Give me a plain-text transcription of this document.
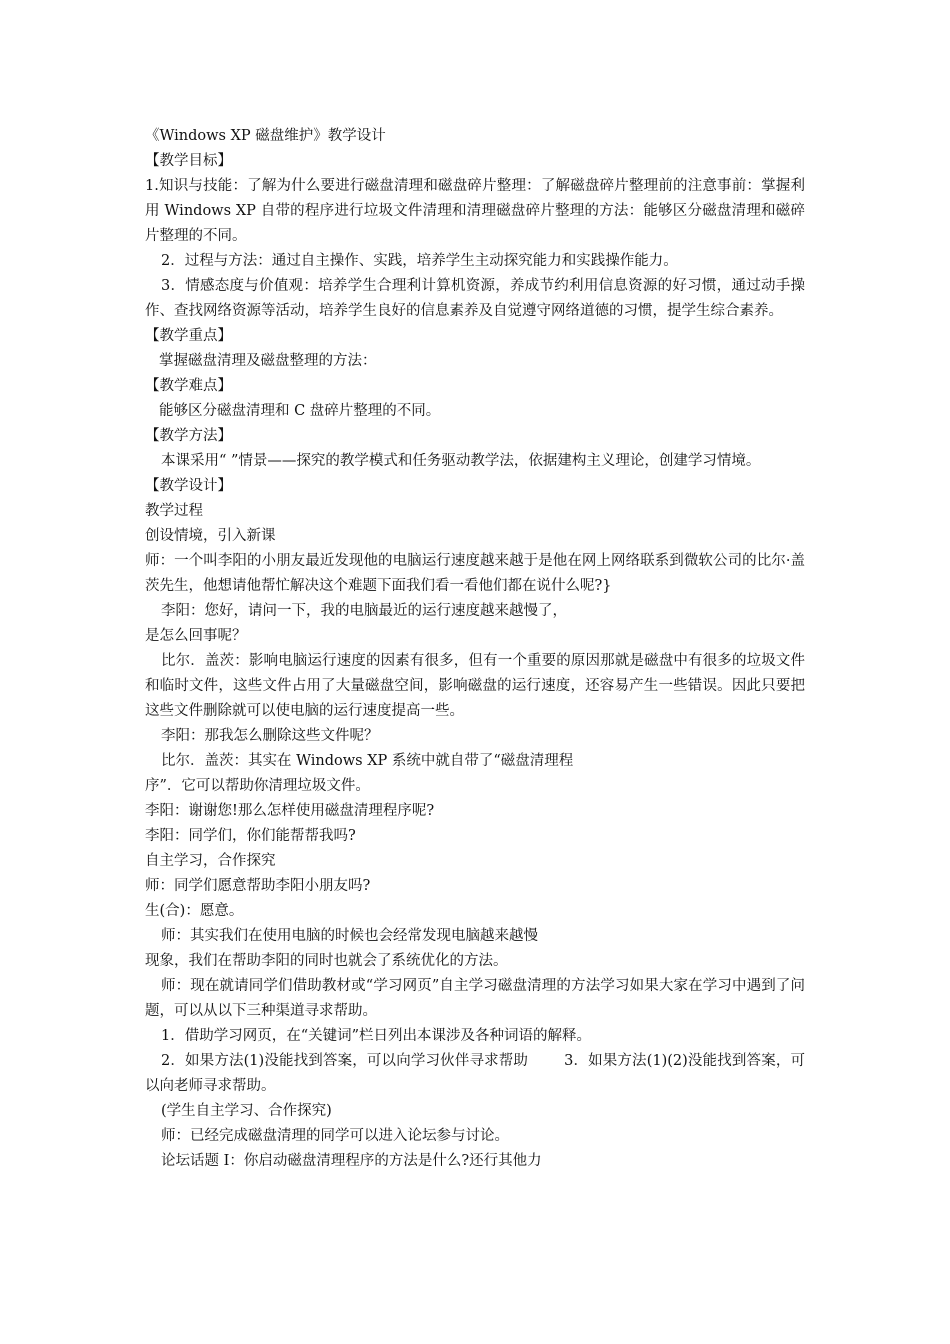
《Windows XP 磁盘维护》教学设计

【教学目标】

1.知识与技能：了解为什么要进行磁盘清理和磁盘碎片整理：了解磁盘碎片整理前的注意事前：掌握利用 Windows XP 自带的程序进行垃圾文件清理和清理磁盘碎片整理的方法：能够区分磁盘清理和磁碎片整理的不同。

2．过程与方法：通过自主操作、实践，培养学生主动探究能力和实践操作能力。

3．情感态度与价值观：培养学生合理利计算机资源，养成节约利用信息资源的好习惯，通过动手操作、查找网络资源等活动，培养学生良好的信息素养及自觉遵守网络道德的习惯，提学生综合素养。

【教学重点】

掌握磁盘清理及磁盘整理的方法：

【教学难点】

能够区分磁盘清理和 C 盘碎片整理的不同。

【教学方法】

本课采用“ ”情景——探究的教学模式和任务驱动教学法，依据建构主义理论，创建学习情境。

【教学设计】

教学过程

创设情境，引入新课

师：一个叫李阳的小朋友最近发现他的电脑运行速度越来越于是他在网上网络联系到微软公司的比尔·盖茨先生，他想请他帮忙解决这个难题下面我们看一看他们都在说什么呢?}

李阳：您好，请问一下，我的电脑最近的运行速度越来越慢了，

是怎么回事呢？

比尔．盖茨：影响电脑运行速度的因素有很多，但有一个重要的原因那就是磁盘中有很多的垃圾文件和临时文件，这些文件占用了大量磁盘空间，影响磁盘的运行速度，还容易产生一些错误。因此只要把这些文件删除就可以使电脑的运行速度提高一些。

李阳：那我怎么删除这些文件呢？

比尔．盖茨：其实在 Windows XP 系统中就自带了“磁盘清理程

序”．它可以帮助你清理垃圾文件。

李阳：谢谢您!那么怎样使用磁盘清理程序呢?

李阳：同学们，你们能帮帮我吗?

自主学习，合作探究

师：同学们愿意帮助李阳小朋友吗?

生(合)：愿意。

师：其实我们在使用电脑的时候也会经常发现电脑越来越慢

现象，我们在帮助李阳的同时也就会了系统优化的方法。

师：现在就请同学们借助教材或“学习网页”自主学习磁盘清理的方法学习如果大家在学习中遇到了问题，可以从以下三种渠道寻求帮助。

1．借助学习网页，在“关键词”栏日列出本课涉及各种词语的解释。

2．如果方法(1)没能找到答案，可以向学习伙伴寻求帮助 3．如果方法(1)(2)没能找到答案，可以向老师寻求帮助。

(学生自主学习、合作探究)

师：已经完成磁盘清理的同学可以进入论坛参与讨论。

论坛话题 I：你启动磁盘清理程序的方法是什么?还行其他力
